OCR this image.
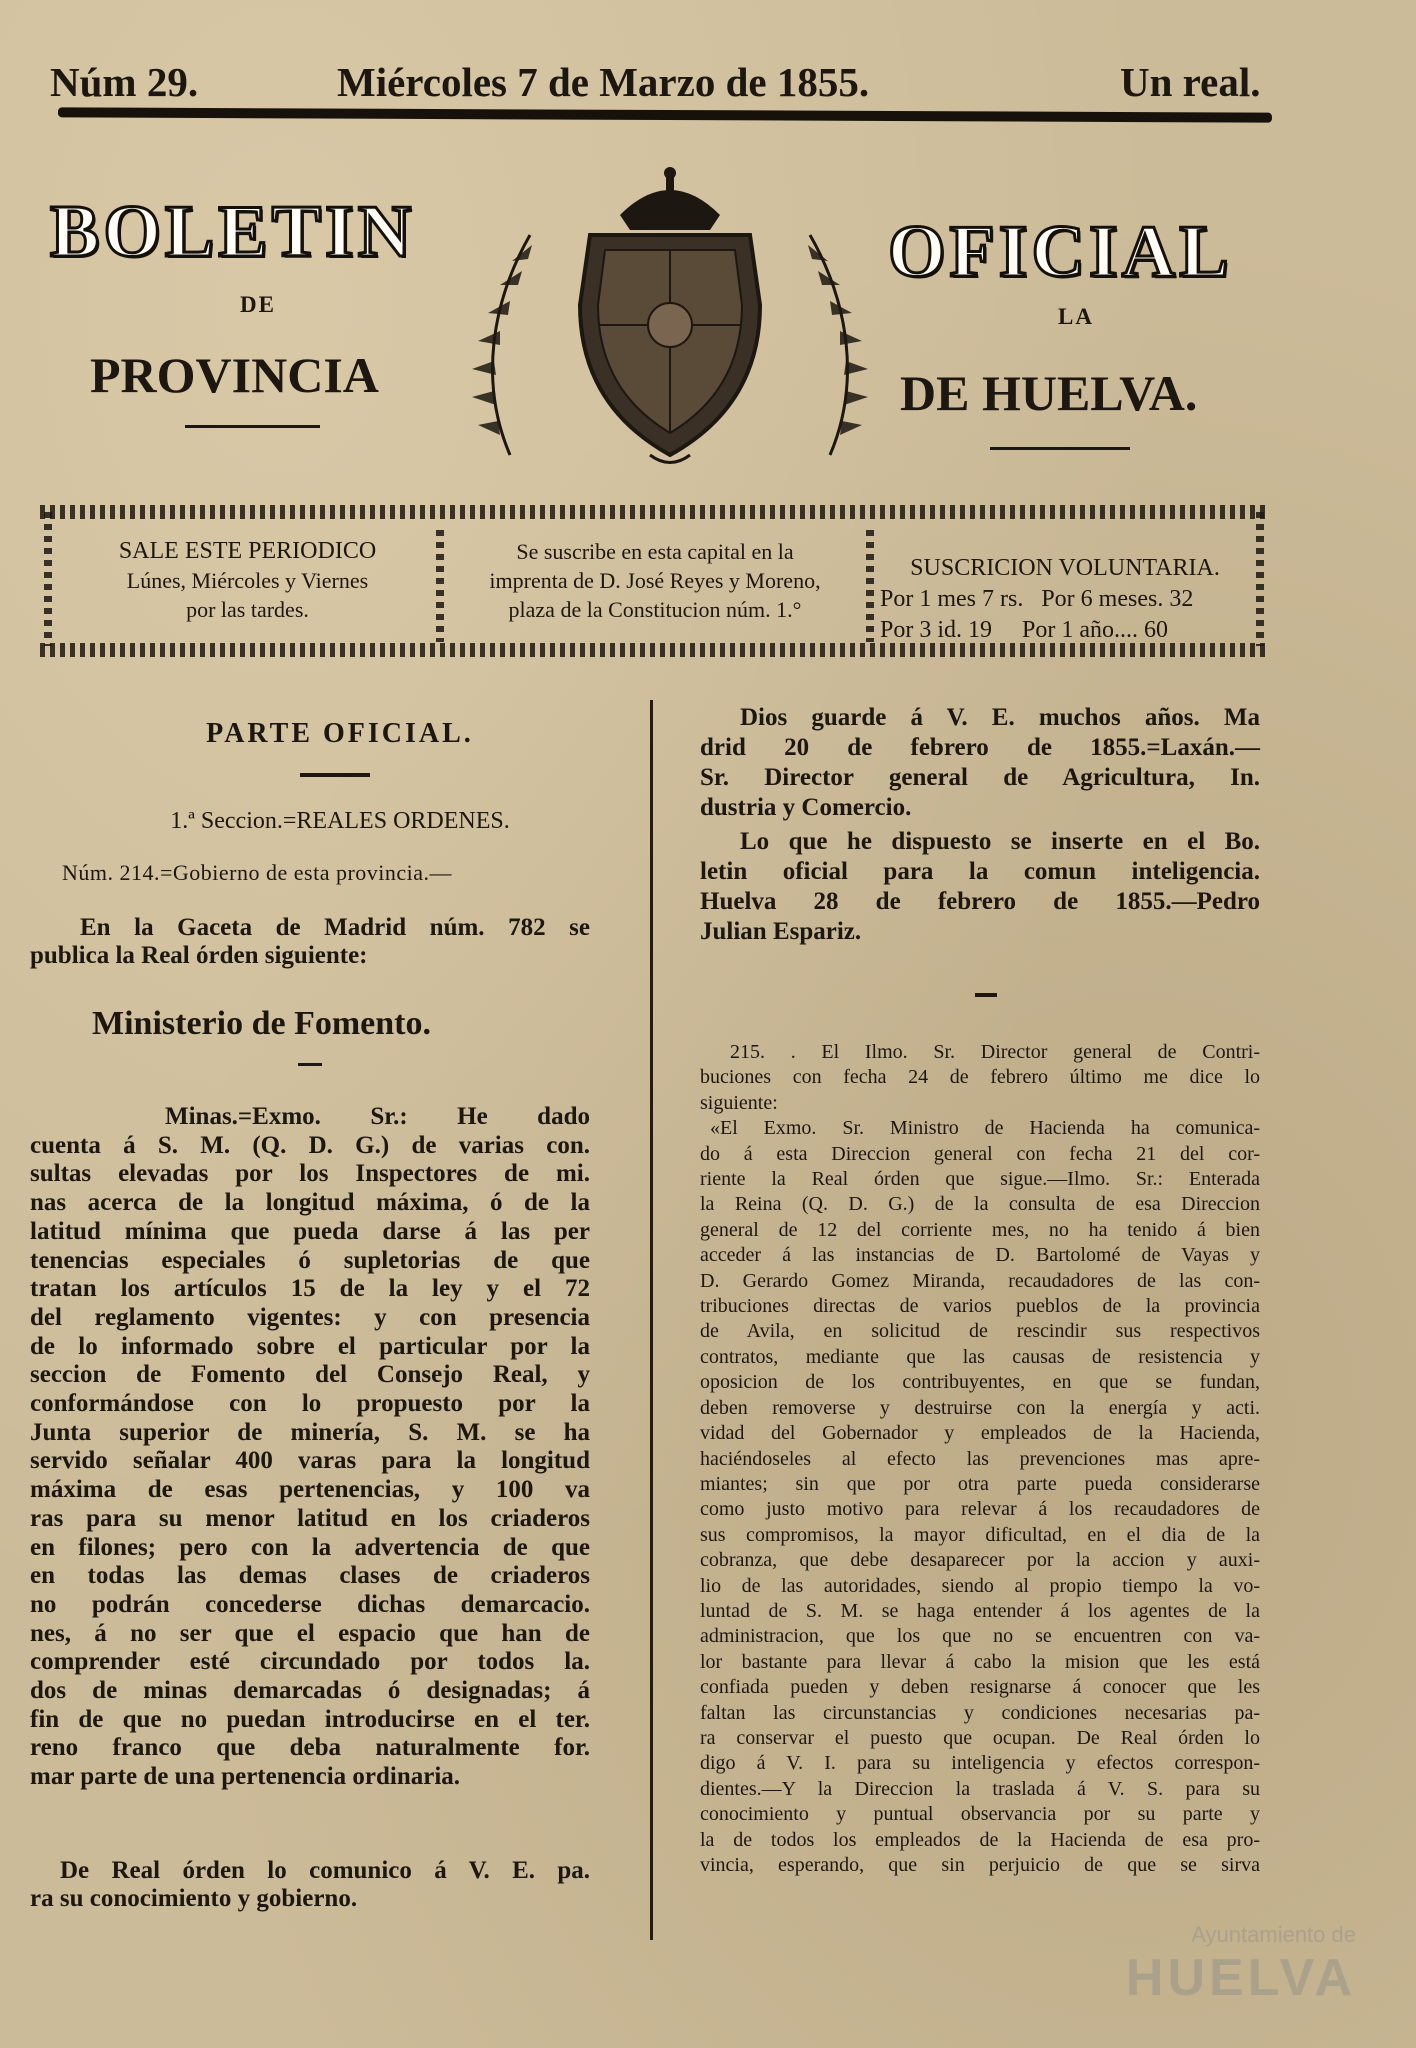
Núm 29.	Miércoles 7 de Marzo de 1855.	Un real.
BOLETIN	OFICIAL
DE	LA
PROVINCIA	DE HUELVA.
SALE ESTE PERIODICO
Lúnes, Miércoles y Viernes
por las tardes.
Se suscribe en esta capital en la
imprenta de D. José Reyes y Moreno,
plaza de la Constitucion núm. 1.°
SUSCRICION VOLUNTARIA.
Por 1 mes 7 rs.   Por 6 meses. 32
Por 3 id. 19     Por 1 año.... 60
PARTE OFICIAL.
1.ª Seccion.=REALES ORDENES.
Núm. 214.=Gobierno de esta provincia.—
En la Gaceta de Madrid núm. 782 se
publica la Real órden siguiente:
Ministerio de Fomento.
Minas.=Exmo. Sr.: He dado
cuenta á S. M. (Q. D. G.) de varias con.
sultas elevadas por los Inspectores de mi.
nas acerca de la longitud máxima, ó de la
latitud mínima que pueda darse á las per
tenencias especiales ó supletorias de que
tratan los artículos 15 de la ley y el 72
del reglamento vigentes: y con presencia
de lo informado sobre el particular por la
seccion de Fomento del Consejo Real, y
conformándose con lo propuesto por la
Junta superior de minería, S. M. se ha
servido señalar 400 varas para la longitud
máxima de esas pertenencias, y 100 va
ras para su menor latitud en los criaderos
en filones; pero con la advertencia de que
en todas las demas clases de criaderos
no podrán concederse dichas demarcacio.
nes, á no ser que el espacio que han de
comprender esté circundado por todos la.
dos de minas demarcadas ó designadas; á
fin de que no puedan introducirse en el ter.
reno franco que deba naturalmente for.
mar parte de una pertenencia ordinaria.
De Real órden lo comunico á V. E. pa.
ra su conocimiento y gobierno.
Dios guarde á V. E. muchos años. Ma
drid 20 de febrero de 1855.=Laxán.—
Sr. Director general de Agricultura, In.
dustria y Comercio.
Lo que he dispuesto se inserte en el Bo.
letin oficial para la comun inteligencia.
Huelva 28 de febrero de 1855.—Pedro
Julian Espariz.
215. . El Ilmo. Sr. Director general de Contri-
buciones con fecha 24 de febrero último me dice lo
siguiente:
«El Exmo. Sr. Ministro de Hacienda ha comunica-
do á esta Direccion general con fecha 21 del cor-
riente la Real órden que sigue.—Ilmo. Sr.: Enterada
la Reina (Q. D. G.) de la consulta de esa Direccion
general de 12 del corriente mes, no ha tenido á bien
acceder á las instancias de D. Bartolomé de Vayas y
D. Gerardo Gomez Miranda, recaudadores de las con-
tribuciones directas de varios pueblos de la provincia
de Avila, en solicitud de rescindir sus respectivos
contratos, mediante que las causas de resistencia y
oposicion de los contribuyentes, en que se fundan,
deben removerse y destruirse con la energía y acti.
vidad del Gobernador y empleados de la Hacienda,
haciéndoseles al efecto las prevenciones mas apre-
miantes; sin que por otra parte pueda considerarse
como justo motivo para relevar á los recaudadores de
sus compromisos, la mayor dificultad, en el dia de la
cobranza, que debe desaparecer por la accion y auxi-
lio de las autoridades, siendo al propio tiempo la vo-
luntad de S. M. se haga entender á los agentes de la
administracion, que los que no se encuentren con va-
lor bastante para llevar á cabo la mision que les está
confiada pueden y deben resignarse á conocer que les
faltan las circunstancias y condiciones necesarias pa-
ra conservar el puesto que ocupan. De Real órden lo
digo á V. I. para su inteligencia y efectos correspon-
dientes.—Y la Direccion la traslada á V. S. para su
conocimiento y puntual observancia por su parte y
la de todos los empleados de la Hacienda de esa pro-
vincia, esperando, que sin perjuicio de que se sirva
Ayuntamiento de
HUELVA
